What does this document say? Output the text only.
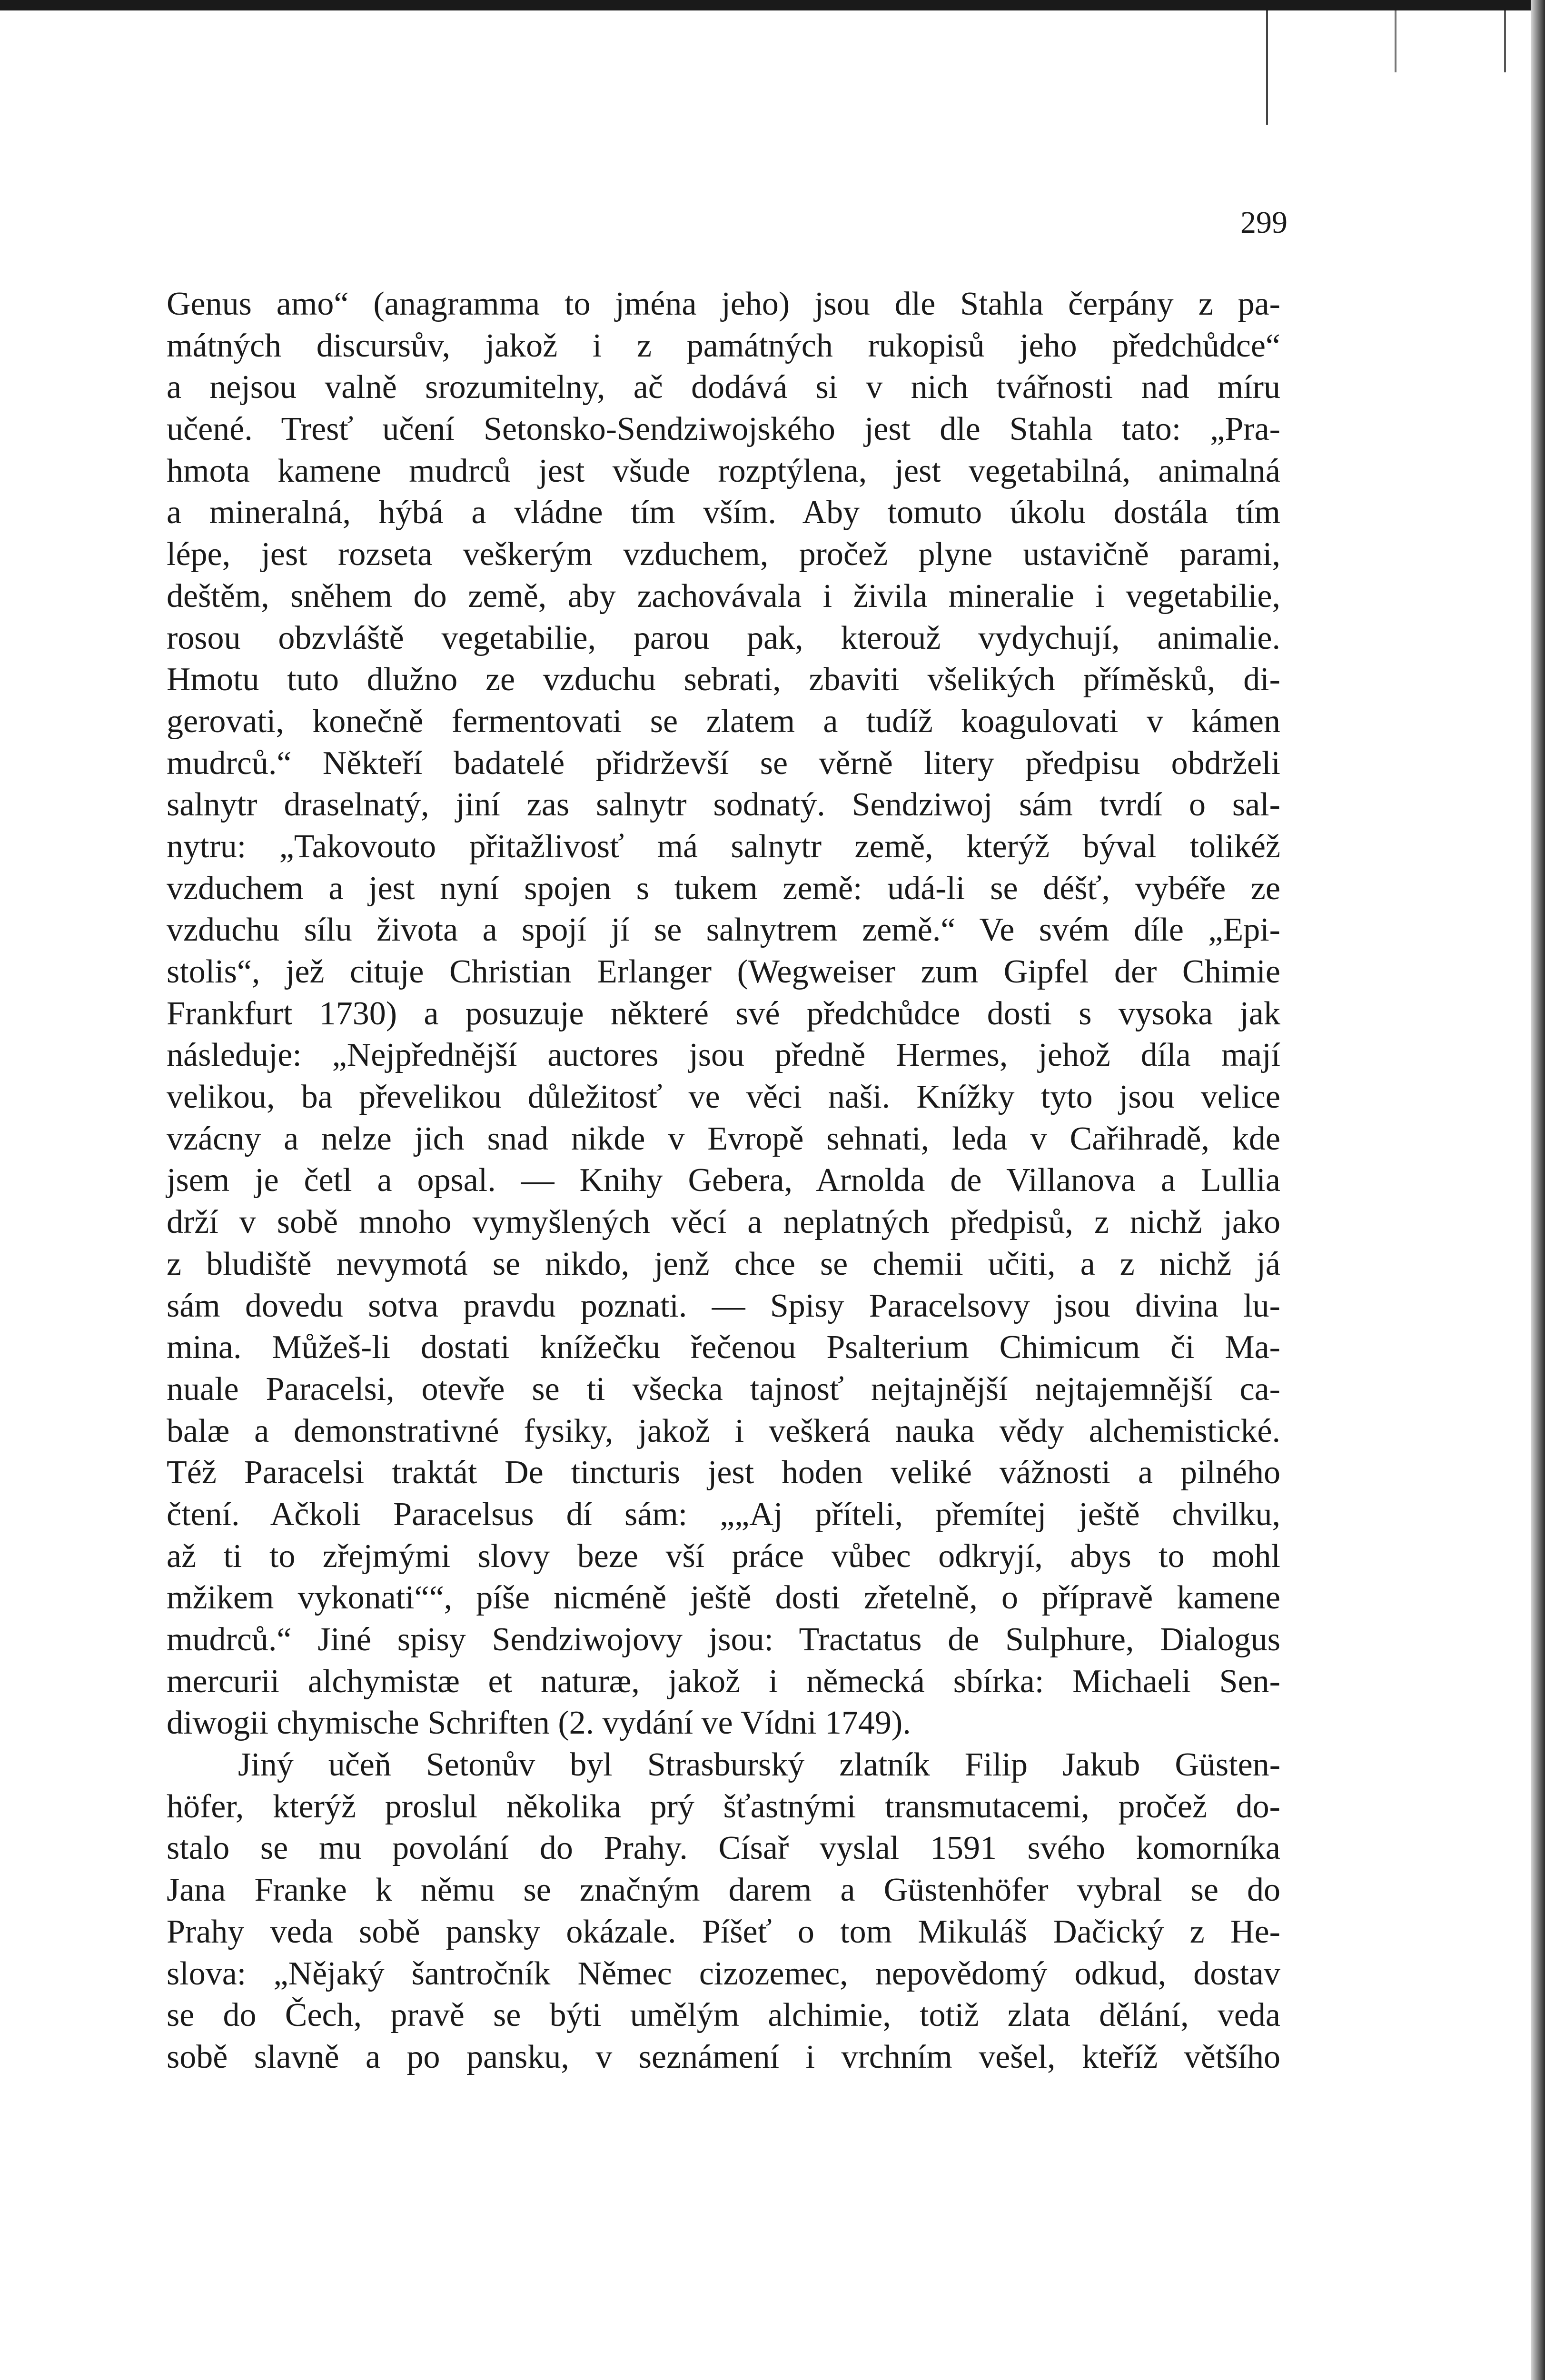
299
Genus amo“ (anagramma to jména jeho) jsou dle Stahla čerpány z pa-
mátných discursův, jakož i z památných rukopisů jeho předchůdce“
a nejsou valně srozumitelny, ač dodává si v nich tvářnosti nad míru
učené. Tresť učení Setonsko-Sendziwojského jest dle Stahla tato: „Pra-
hmota kamene mudrců jest všude rozptýlena, jest vegetabilná, animalná
a mineralná, hýbá a vládne tím vším. Aby tomuto úkolu dostála tím
lépe, jest rozseta veškerým vzduchem, pročež plyne ustavičně parami,
deštěm, sněhem do země, aby zachovávala i živila mineralie i vegetabilie,
rosou obzvláště vegetabilie, parou pak, kterouž vydychují, animalie.
Hmotu tuto dlužno ze vzduchu sebrati, zbaviti všelikých příměsků, di-
gerovati, konečně fermentovati se zlatem a tudíž koagulovati v kámen
mudrců.“ Někteří badatelé přidrževší se věrně litery předpisu obdrželi
salnytr draselnatý, jiní zas salnytr sodnatý. Sendziwoj sám tvrdí o sal-
nytru: „Takovouto přitažlivosť má salnytr země, kterýž býval tolikéž
vzduchem a jest nyní spojen s tukem země: udá-li se déšť, vybéře ze
vzduchu sílu života a spojí jí se salnytrem země.“ Ve svém díle „Epi-
stolis“, jež cituje Christian Erlanger (Wegweiser zum Gipfel der Chimie
Frankfurt 1730) a posuzuje některé své předchůdce dosti s vysoka jak
následuje: „Nejpřednější auctores jsou předně Hermes, jehož díla mají
velikou, ba převelikou důležitosť ve věci naši. Knížky tyto jsou velice
vzácny a nelze jich snad nikde v Evropě sehnati, leda v Cařihradě, kde
jsem je četl a opsal. — Knihy Gebera, Arnolda de Villanova a Lullia
drží v sobě mnoho vymyšlených věcí a neplatných předpisů, z nichž jako
z bludiště nevymotá se nikdo, jenž chce se chemii učiti, a z nichž já
sám dovedu sotva pravdu poznati. — Spisy Paracelsovy jsou divina lu-
mina. Můžeš-li dostati knížečku řečenou Psalterium Chimicum či Ma-
nuale Paracelsi, otevře se ti všecka tajnosť nejtajnější nejtajemnější ca-
balæ a demonstrativné fysiky, jakož i veškerá nauka vědy alchemistické.
Též Paracelsi traktát De tincturis jest hoden veliké vážnosti a pilného
čtení. Ačkoli Paracelsus dí sám: „„Aj příteli, přemítej ještě chvilku,
až ti to zřejmými slovy beze vší práce vůbec odkryjí, abys to mohl
mžikem vykonati““, píše nicméně ještě dosti zřetelně, o přípravě kamene
mudrců.“ Jiné spisy Sendziwojovy jsou: Tractatus de Sulphure, Dialogus
mercurii alchymistæ et naturæ, jakož i německá sbírka: Michaeli Sen-
diwogii chymische Schriften (2. vydání ve Vídni 1749).
Jiný učeň Setonův byl Strasburský zlatník Filip Jakub Güsten-
höfer, kterýž proslul několika prý šťastnými transmutacemi, pročež do-
stalo se mu povolání do Prahy. Císař vyslal 1591 svého komorníka
Jana Franke k němu se značným darem a Güstenhöfer vybral se do
Prahy veda sobě pansky okázale. Píšeť o tom Mikuláš Dačický z He-
slova: „Nějaký šantročník Němec cizozemec, nepovědomý odkud, dostav
se do Čech, pravě se býti umělým alchimie, totiž zlata dělání, veda
sobě slavně a po pansku, v seznámení i vrchním vešel, kteříž většího
